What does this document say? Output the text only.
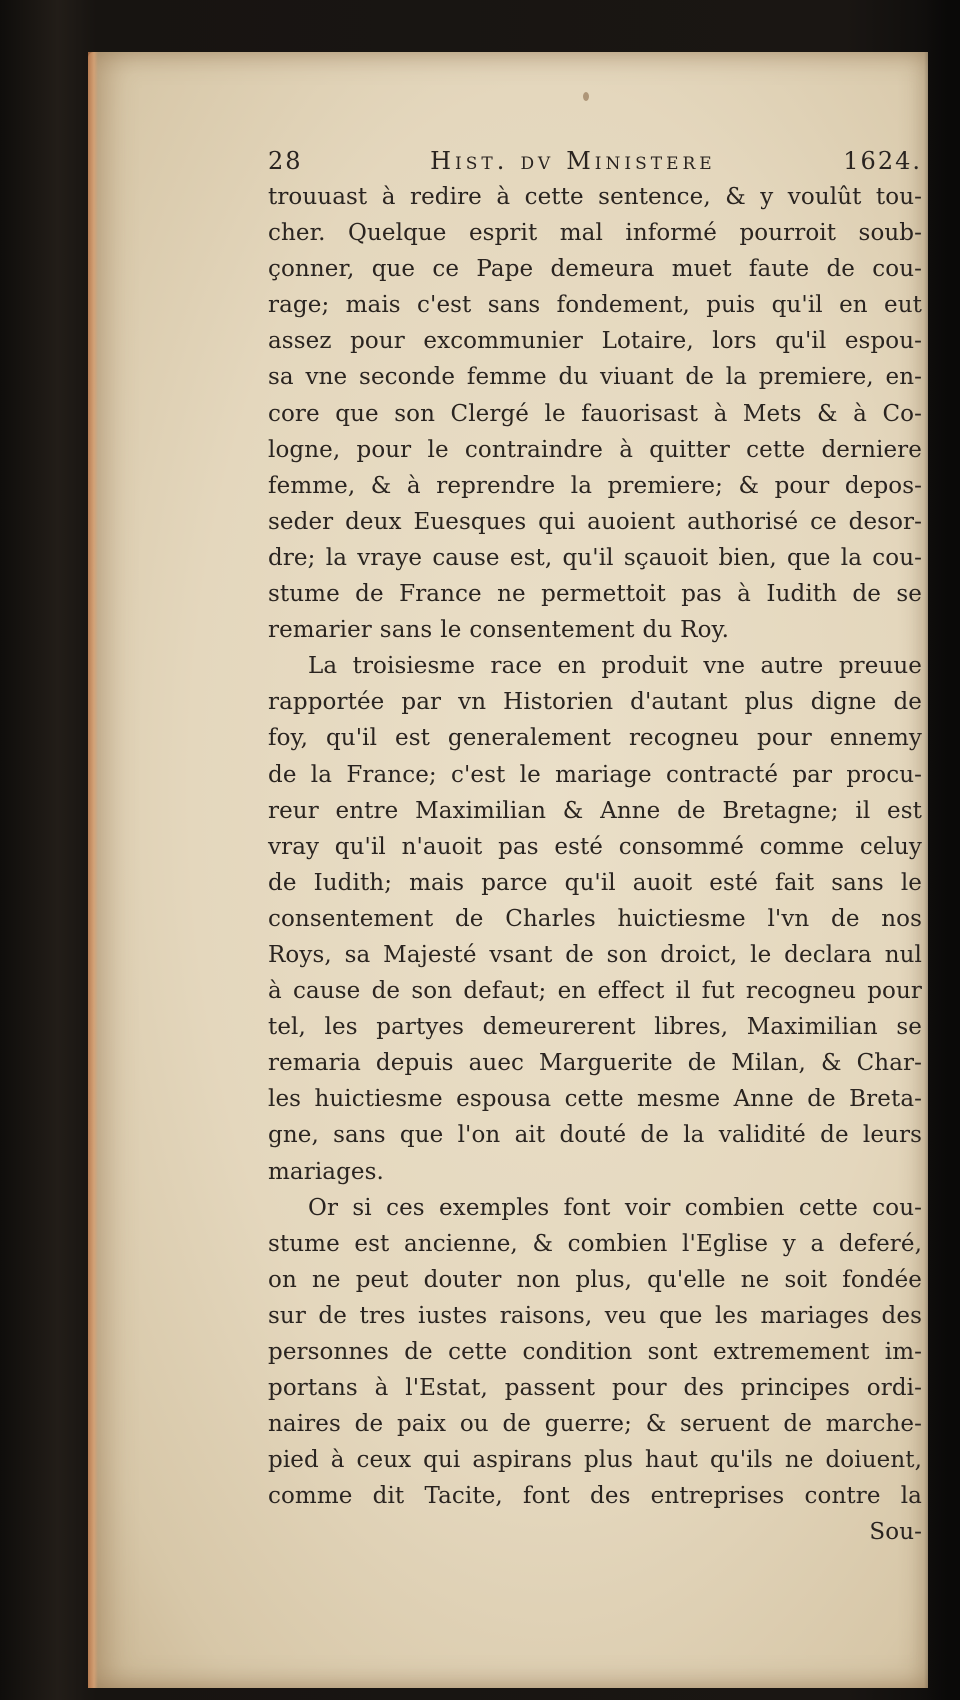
28	Hist. dv Ministere	1624.
trouuast à redire à cette sentence, & y voulût tou-
cher. Quelque esprit mal informé pourroit soub-
çonner, que ce Pape demeura muet faute de cou-
rage; mais c'est sans fondement, puis qu'il en eut
assez pour excommunier Lotaire, lors qu'il espou-
sa vne seconde femme du viuant de la premiere, en-
core que son Clergé le fauorisast à Mets & à Co-
logne, pour le contraindre à quitter cette derniere
femme, & à reprendre la premiere; & pour depos-
seder deux Euesques qui auoient authorisé ce desor-
dre; la vraye cause est, qu'il sçauoit bien, que la cou-
stume de France ne permettoit pas à Iudith de se
remarier sans le consentement du Roy.
La troisiesme race en produit vne autre preuue
rapportée par vn Historien d'autant plus digne de
foy, qu'il est generalement recogneu pour ennemy
de la France; c'est le mariage contracté par procu-
reur entre Maximilian & Anne de Bretagne; il est
vray qu'il n'auoit pas esté consommé comme celuy
de Iudith; mais parce qu'il auoit esté fait sans le
consentement de Charles huictiesme l'vn de nos
Roys, sa Majesté vsant de son droict, le declara nul
à cause de son defaut; en effect il fut recogneu pour
tel, les partyes demeurerent libres, Maximilian se
remaria depuis auec Marguerite de Milan, & Char-
les huictiesme espousa cette mesme Anne de Breta-
gne, sans que l'on ait douté de la validité de leurs
mariages.
Or si ces exemples font voir combien cette cou-
stume est ancienne, & combien l'Eglise y a deferé,
on ne peut douter non plus, qu'elle ne soit fondée
sur de tres iustes raisons, veu que les mariages des
personnes de cette condition sont extremement im-
portans à l'Estat, passent pour des principes ordi-
naires de paix ou de guerre; & seruent de marche-
pied à ceux qui aspirans plus haut qu'ils ne doiuent,
comme dit Tacite, font des entreprises contre la
Sou-
